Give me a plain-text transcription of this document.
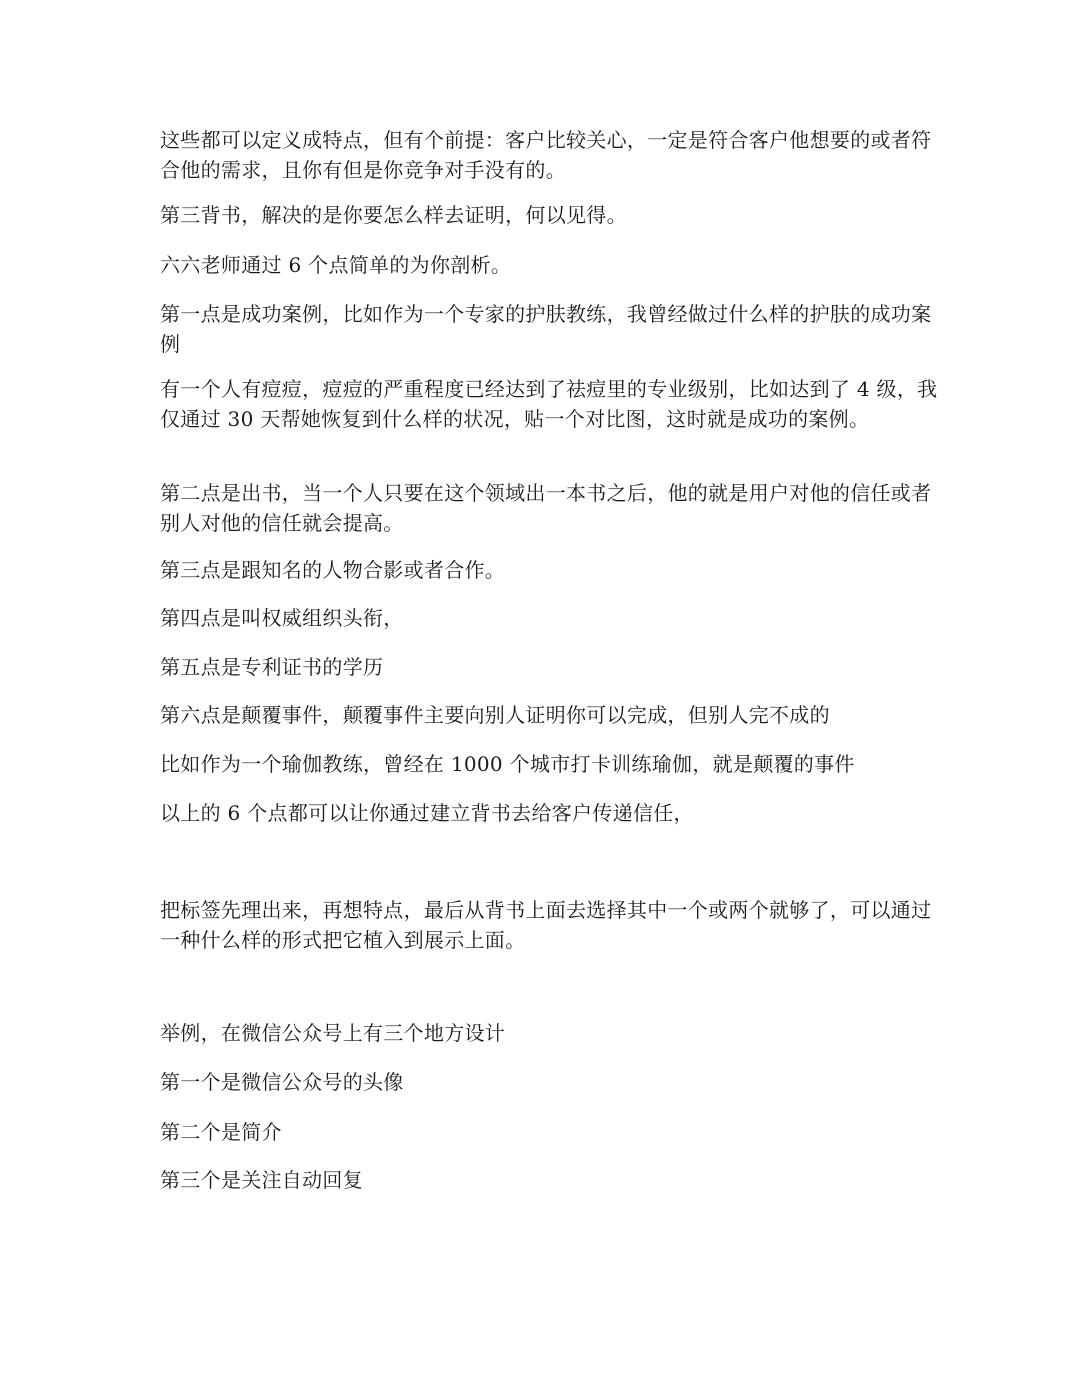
这些都可以定义成特点，但有个前提：客户比较关心，一定是符合客户他想要的或者符合他的需求，且你有但是你竞争对手没有的。

第三背书，解决的是你要怎么样去证明，何以见得。

六六老师通过 6 个点简单的为你剖析。

第一点是成功案例，比如作为一个专家的护肤教练，我曾经做过什么样的护肤的成功案例

有一个人有痘痘，痘痘的严重程度已经达到了祛痘里的专业级别，比如达到了 4 级，我仅通过 30 天帮她恢复到什么样的状况，贴一个对比图，这时就是成功的案例。

第二点是出书，当一个人只要在这个领域出一本书之后，他的就是用户对他的信任或者别人对他的信任就会提高。

第三点是跟知名的人物合影或者合作。

第四点是叫权威组织头衔，

第五点是专利证书的学历

第六点是颠覆事件，颠覆事件主要向别人证明你可以完成，但别人完不成的

比如作为一个瑜伽教练，曾经在 1000 个城市打卡训练瑜伽，就是颠覆的事件

以上的 6 个点都可以让你通过建立背书去给客户传递信任，

把标签先理出来，再想特点，最后从背书上面去选择其中一个或两个就够了，可以通过一种什么样的形式把它植入到展示上面。

举例，在微信公众号上有三个地方设计

第一个是微信公众号的头像

第二个是简介

第三个是关注自动回复
